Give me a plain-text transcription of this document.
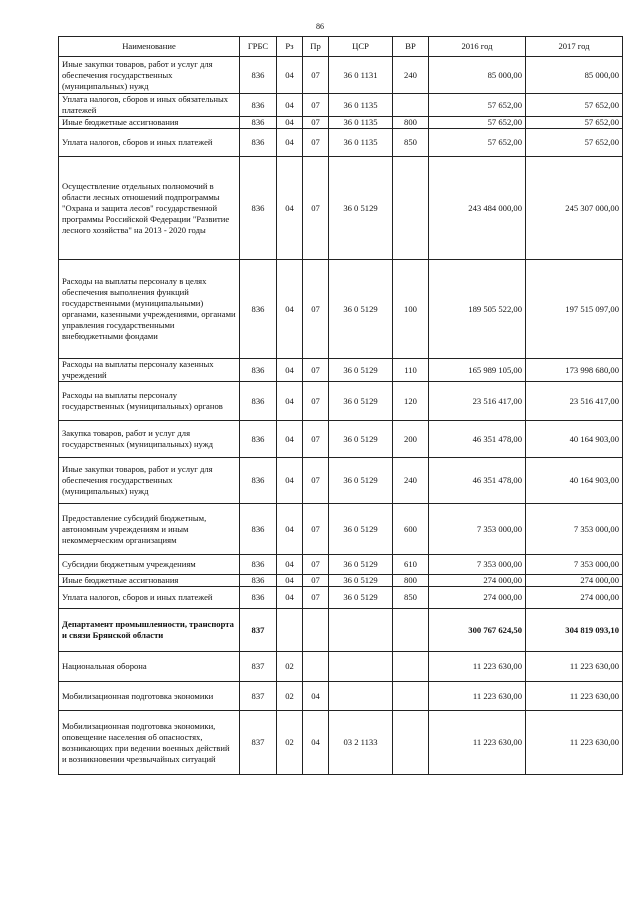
86
Наименование	ГРБС	Рз	Пр	ЦСР	ВР	2016 год	2017 год
Иные закупки товаров, работ и услуг для обеспечения государственных (муниципальных) нужд	836	04	07	36 0 1131	240	85 000,00	85 000,00
Уплата налогов, сборов и иных обязательных платежей	836	04	07	36 0 1135		57 652,00	57 652,00
Иные бюджетные ассигнования	836	04	07	36 0 1135	800	57 652,00	57 652,00
Уплата налогов, сборов и иных платежей	836	04	07	36 0 1135	850	57 652,00	57 652,00
Осуществление отдельных полномочий в области лесных отношений подпрограммы "Охрана и защита лесов" государственной программы Российской Федерации "Развитие лесного хозяйства" на 2013 - 2020 годы	836	04	07	36 0 5129		243 484 000,00	245 307 000,00
Расходы на выплаты персоналу в целях обеспечения выполнения функций государственными (муниципальными) органами, казенными учреждениями, органами управления государственными внебюджетными фондами	836	04	07	36 0 5129	100	189 505 522,00	197 515 097,00
Расходы на выплаты персоналу казенных учреждений	836	04	07	36 0 5129	110	165 989 105,00	173 998 680,00
Расходы на выплаты персоналу государственных (муниципальных) органов	836	04	07	36 0 5129	120	23 516 417,00	23 516 417,00
Закупка товаров, работ и услуг для государственных (муниципальных) нужд	836	04	07	36 0 5129	200	46 351 478,00	40 164 903,00
Иные закупки товаров, работ и услуг для обеспечения государственных (муниципальных) нужд	836	04	07	36 0 5129	240	46 351 478,00	40 164 903,00
Предоставление субсидий бюджетным, автономным учреждениям и иным некоммерческим организациям	836	04	07	36 0 5129	600	7 353 000,00	7 353 000,00
Субсидии бюджетным учреждениям	836	04	07	36 0 5129	610	7 353 000,00	7 353 000,00
Иные бюджетные ассигнования	836	04	07	36 0 5129	800	274 000,00	274 000,00
Уплата налогов, сборов и иных платежей	836	04	07	36 0 5129	850	274 000,00	274 000,00
Департамент промышленности, транспорта и связи Брянской области	837					300 767 624,50	304 819 093,10
Национальная оборона	837	02				11 223 630,00	11 223 630,00
Мобилизационная подготовка экономики	837	02	04			11 223 630,00	11 223 630,00
Мобилизационная подготовка экономики, оповещение населения об опасностях, возникающих при ведении военных действий и возникновении чрезвычайных ситуаций	837	02	04	03 2 1133		11 223 630,00	11 223 630,00
